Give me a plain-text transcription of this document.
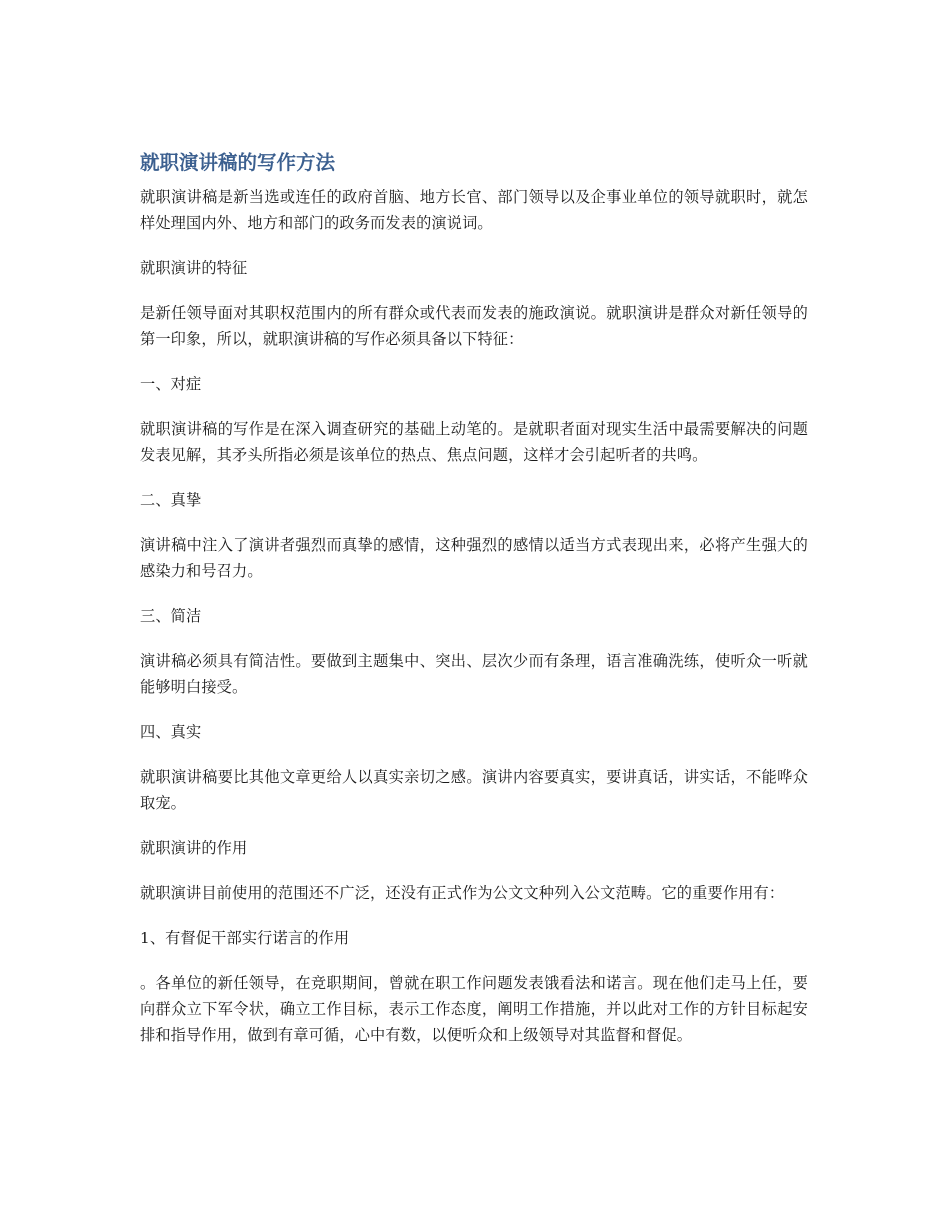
就职演讲稿的写作方法

就职演讲稿是新当选或连任的政府首脑、地方长官、部门领导以及企事业单位的领导就职时，就怎样处理国内外、地方和部门的政务而发表的演说词。

就职演讲的特征

是新任领导面对其职权范围内的所有群众或代表而发表的施政演说。就职演讲是群众对新任领导的第一印象，所以，就职演讲稿的写作必须具备以下特征：

一、对症

就职演讲稿的写作是在深入调查研究的基础上动笔的。是就职者面对现实生活中最需要解决的问题发表见解，其矛头所指必须是该单位的热点、焦点问题，这样才会引起听者的共鸣。

二、真挚

演讲稿中注入了演讲者强烈而真挚的感情，这种强烈的感情以适当方式表现出来，必将产生强大的感染力和号召力。

三、简洁

演讲稿必须具有简洁性。要做到主题集中、突出、层次少而有条理，语言准确洗练，使听众一听就能够明白接受。

四、真实

就职演讲稿要比其他文章更给人以真实亲切之感。演讲内容要真实，要讲真话，讲实话，不能哗众取宠。

就职演讲的作用

就职演讲目前使用的范围还不广泛，还没有正式作为公文文种列入公文范畴。它的重要作用有：

1、有督促干部实行诺言的作用

。各单位的新任领导，在竞职期间，曾就在职工作问题发表饿看法和诺言。现在他们走马上任，要向群众立下军令状，确立工作目标，表示工作态度，阐明工作措施，并以此对工作的方针目标起安排和指导作用，做到有章可循，心中有数，以便听众和上级领导对其监督和督促。
